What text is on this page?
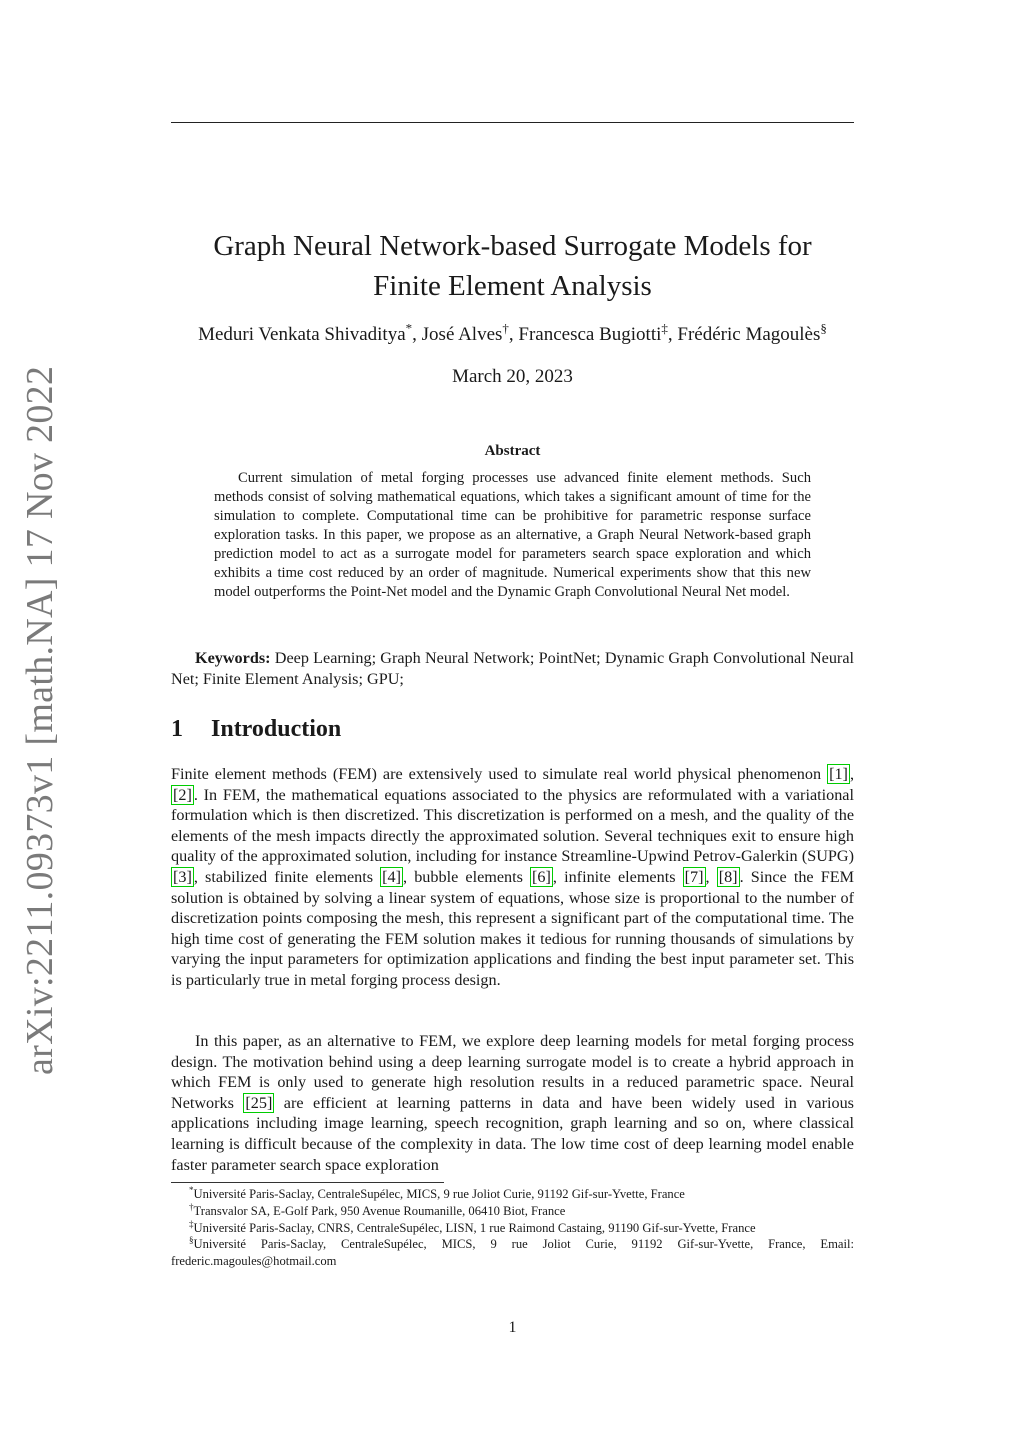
arXiv:2211.09373v1 [math.NA] 17 Nov 2022
Graph Neural Network-based Surrogate Models for
Finite Element Analysis
Meduri Venkata Shivaditya*, José Alves†, Francesca Bugiotti‡, Frédéric Magoulès§
March 20, 2023
Abstract

Current simulation of metal forging processes use advanced finite element methods. Such methods consist of solving mathematical equations, which takes a significant amount of time for the simulation to complete. Computational time can be prohibitive for parametric response surface exploration tasks. In this paper, we propose as an alternative, a Graph Neural Network-based graph prediction model to act as a surrogate model for parameters search space exploration and which exhibits a time cost reduced by an order of magnitude. Numerical experiments show that this new model outperforms the Point-Net model and the Dynamic Graph Convolutional Neural Net model.

Keywords: Deep Learning; Graph Neural Network; PointNet; Dynamic Graph Convolutional Neural Net; Finite Element Analysis; GPU;

1 Introduction

Finite element methods (FEM) are extensively used to simulate real world physical phenomenon [1] , [2] . In FEM, the mathematical equations associated to the physics are reformulated with a variational formulation which is then discretized. This discretization is performed on a mesh, and the quality of the elements of the mesh impacts directly the approximated solution. Several techniques exit to ensure high quality of the approximated solution, including for instance Streamline-Upwind Petrov-Galerkin (SUPG) [3] , stabilized finite elements [4] , bubble elements [6] , infinite elements [7] , [8] . Since the FEM solution is obtained by solving a linear system of equations, whose size is proportional to the number of discretization points composing the mesh, this represent a significant part of the computational time. The high time cost of generating the FEM solution makes it tedious for running thousands of simulations by varying the input parameters for optimization applications and finding the best input parameter set. This is particularly true in metal forging process design.

In this paper, as an alternative to FEM, we explore deep learning models for metal forging process design. The motivation behind using a deep learning surrogate model is to create a hybrid approach in which FEM is only used to generate high resolution results in a reduced parametric space. Neural Networks [25] are efficient at learning patterns in data and have been widely used in various applications including image learning, speech recognition, graph learning and so on, where classical learning is difficult because of the complexity in data. The low time cost of deep learning model enable faster parameter search space exploration

*Université Paris-Saclay, CentraleSupélec, MICS, 9 rue Joliot Curie, 91192 Gif-sur-Yvette, France

†Transvalor SA, E-Golf Park, 950 Avenue Roumanille, 06410 Biot, France

‡Université Paris-Saclay, CNRS, CentraleSupélec, LISN, 1 rue Raimond Castaing, 91190 Gif-sur-Yvette, France

§Université Paris-Saclay, CentraleSupélec, MICS, 9 rue Joliot Curie, 91192 Gif-sur-Yvette, France, Email: frederic.magoules@hotmail.com

1
